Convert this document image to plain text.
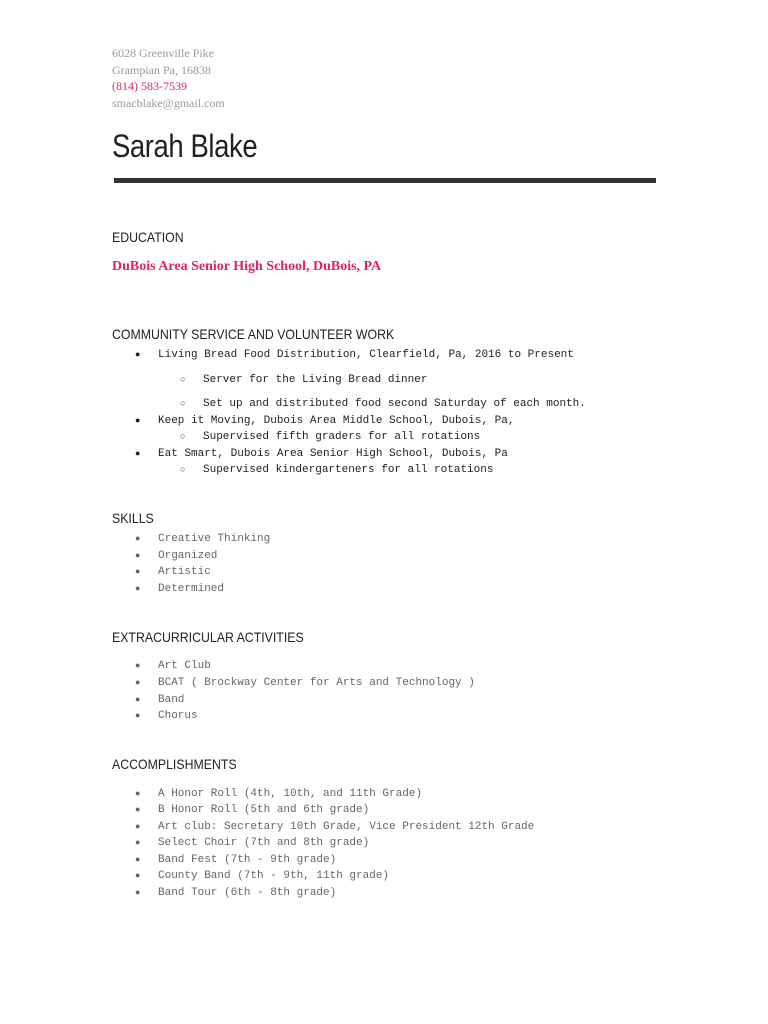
6028 Greenville Pike
Grampian Pa, 16838
(814) 583-7539
smacblake@gmail.com
Sarah Blake
EDUCATION
DuBois Area Senior High School, DuBois, PA
COMMUNITY SERVICE AND VOLUNTEER WORK
● Living Bread Food Distribution, Clearfield, Pa, 2016 to Present
○ Server for the Living Bread dinner
○ Set up and distributed food second Saturday of each month.
● Keep it Moving, Dubois Area Middle School, Dubois, Pa,
○ Supervised fifth graders for all rotations
● Eat Smart, Dubois Area Senior High School, Dubois, Pa
○ Supervised kindergarteners for all rotations
SKILLS
● Creative Thinking
● Organized
● Artistic
● Determined
EXTRACURRICULAR ACTIVITIES
● Art Club
● BCAT ( Brockway Center for Arts and Technology )
● Band
● Chorus
ACCOMPLISHMENTS
● A Honor Roll (4th, 10th, and 11th Grade)
● B Honor Roll (5th and 6th grade)
● Art club: Secretary 10th Grade, Vice President 12th Grade
● Select Choir (7th and 8th grade)
● Band Fest (7th - 9th grade)
● County Band (7th - 9th, 11th grade)
● Band Tour (6th - 8th grade)
